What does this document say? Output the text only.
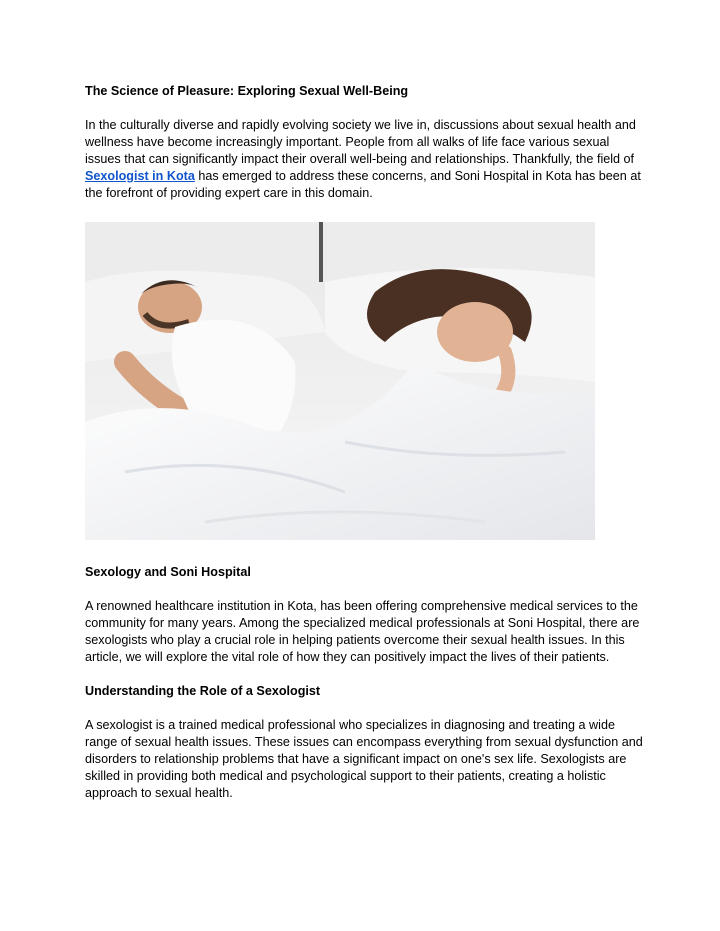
The Science of Pleasure: Exploring Sexual Well-Being

In the culturally diverse and rapidly evolving society we live in, discussions about sexual health and wellness have become increasingly important. People from all walks of life face various sexual issues that can significantly impact their overall well-being and relationships. Thankfully, the field of Sexologist in Kota has emerged to address these concerns, and Soni Hospital in Kota has been at the forefront of providing expert care in this domain.

Sexology and Soni Hospital

A renowned healthcare institution in Kota, has been offering comprehensive medical services to the community for many years. Among the specialized medical professionals at Soni Hospital, there are sexologists who play a crucial role in helping patients overcome their sexual health issues. In this article, we will explore the vital role of how they can positively impact the lives of their patients.

Understanding the Role of a Sexologist

A sexologist is a trained medical professional who specializes in diagnosing and treating a wide range of sexual health issues. These issues can encompass everything from sexual dysfunction and disorders to relationship problems that have a significant impact on one's sex life. Sexologists are skilled in providing both medical and psychological support to their patients, creating a holistic approach to sexual health.
